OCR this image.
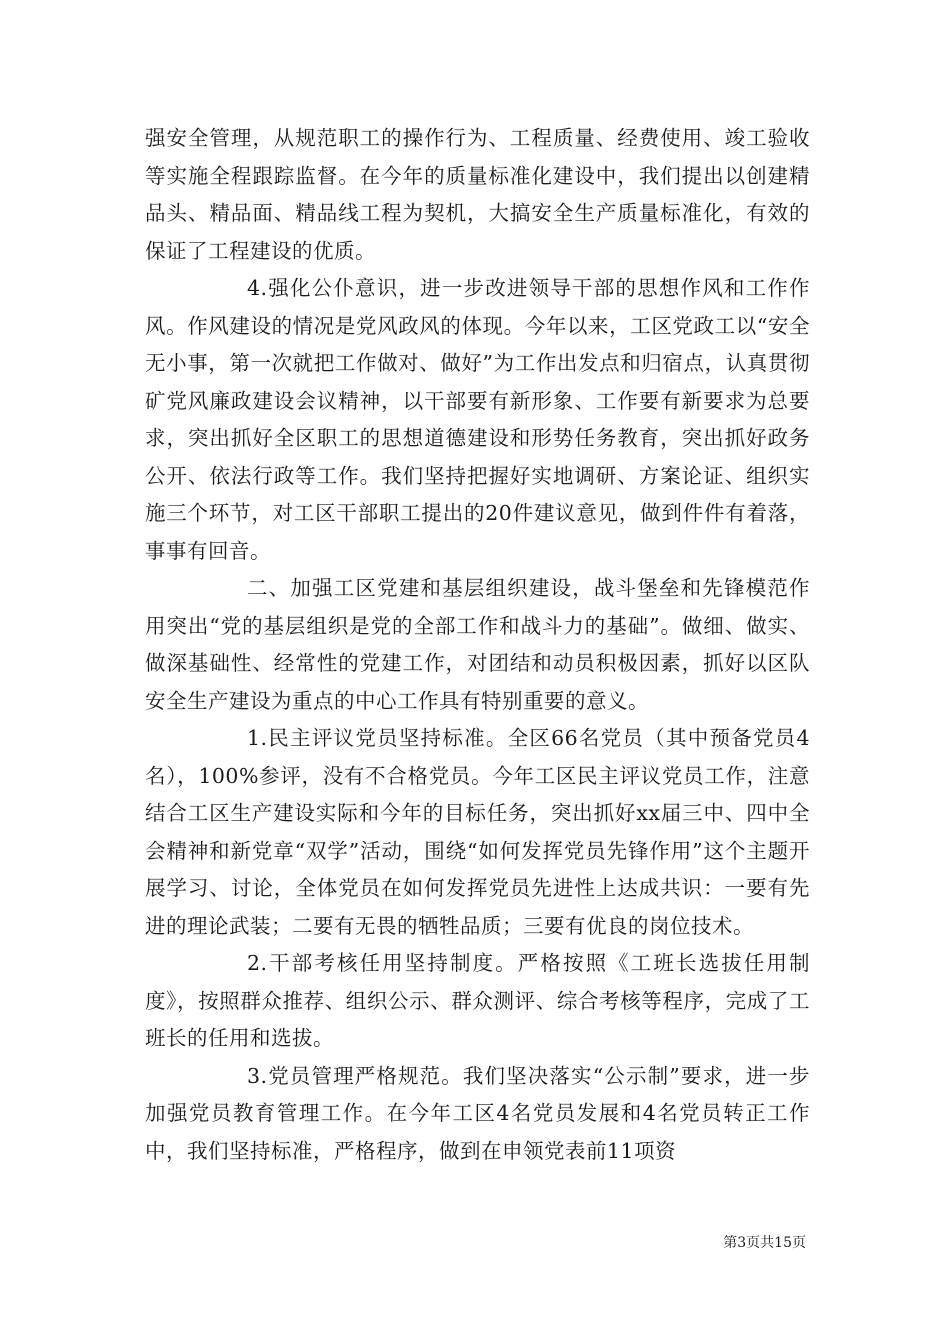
强安全管理，从规范职工的操作行为、工程质量、经费使用、竣工验收等实施全程跟踪监督。在今年的质量标准化建设中，我们提出以创建精品头、精品面、精品线工程为契机，大搞安全生产质量标准化，有效的保证了工程建设的优质。

4.强化公仆意识，进一步改进领导干部的思想作风和工作作风。作风建设的情况是党风政风的体现。今年以来，工区党政工以“安全无小事，第一次就把工作做对、做好”为工作出发点和归宿点，认真贯彻矿党风廉政建设会议精神，以干部要有新形象、工作要有新要求为总要求，突出抓好全区职工的思想道德建设和形势任务教育，突出抓好政务公开、依法行政等工作。我们坚持把握好实地调研、方案论证、组织实施三个环节，对工区干部职工提出的20件建议意见，做到件件有着落，事事有回音。

二、加强工区党建和基层组织建设，战斗堡垒和先锋模范作用突出“党的基层组织是党的全部工作和战斗力的基础”。做细、做实、做深基础性、经常性的党建工作，对团结和动员积极因素，抓好以区队安全生产建设为重点的中心工作具有特别重要的意义。

1.民主评议党员坚持标准。全区66名党员（其中预备党员4名），100%参评，没有不合格党员。今年工区民主评议党员工作，注意结合工区生产建设实际和今年的目标任务，突出抓好xx届三中、四中全会精神和新党章“双学”活动，围绕“如何发挥党员先锋作用”这个主题开展学习、讨论，全体党员在如何发挥党员先进性上达成共识：一要有先进的理论武装；二要有无畏的牺牲品质；三要有优良的岗位技术。

2.干部考核任用坚持制度。严格按照《工班长选拔任用制度》，按照群众推荐、组织公示、群众测评、综合考核等程序，完成了工班长的任用和选拔。

3.党员管理严格规范。我们坚决落实“公示制”要求，进一步加强党员教育管理工作。在今年工区4名党员发展和4名党员转正工作中，我们坚持标准，严格程序，做到在申领党表前11项资

第3页共15页
